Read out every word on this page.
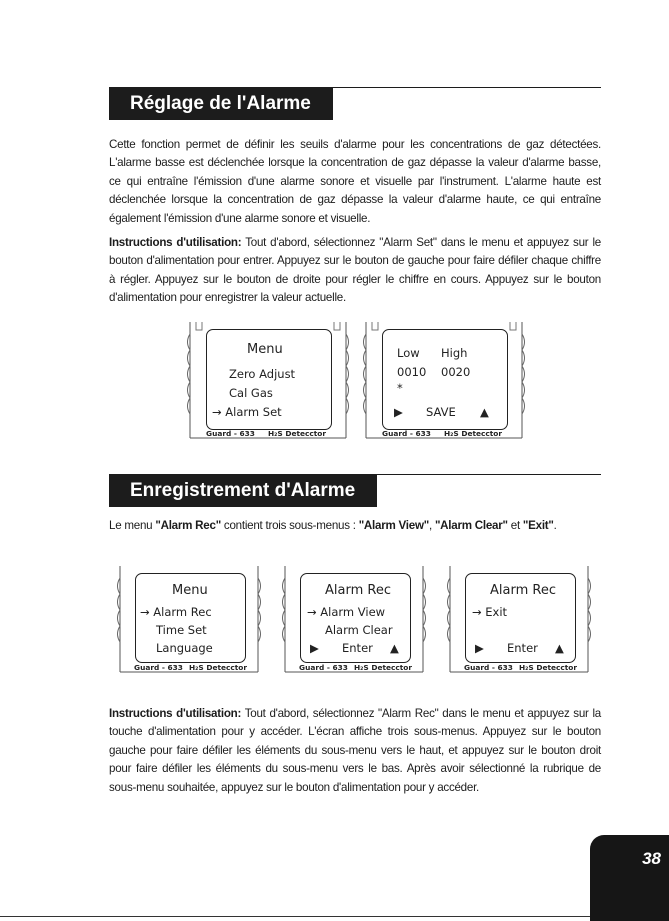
Réglage de l'Alarme

Cette fonction permet de définir les seuils d'alarme pour les concentrations de gaz détectées. L'alarme basse est déclenchée lorsque la concentration de gaz dépasse la valeur d'alarme basse, ce qui entraîne l'émission d'une alarme sonore et visuelle par l'instrument. L'alarme haute est déclenchée lorsque la concentration de gaz dépasse la valeur d'alarme haute, ce qui entraîne également l'émission d'une alarme sonore et visuelle.

Instructions d'utilisation: Tout d'abord, sélectionnez "Alarm Set" dans le menu et appuyez sur le bouton d'alimentation pour entrer. Appuyez sur le bouton de gauche pour faire défiler chaque chiffre à régler. Appuyez sur le bouton de droite pour régler le chiffre en cours. Appuyez sur le bouton d'alimentation pour enregistrer la valeur actuelle.

Menu
Zero Adjust
Cal Gas
→ Alarm Set
Guard - 633 H₂S Detecctor
Low High
0010 0020
*
▶ SAVE ▲
Guard - 633 H₂S Detecctor
Enregistrement d'Alarme

Le menu "Alarm Rec" contient trois sous-menus : "Alarm View", "Alarm Clear" et "Exit".

Menu
→ Alarm Rec
Time Set
Language
Guard - 633 H₂S Detecctor
Alarm Rec
→ Alarm View
Alarm Clear
▶ Enter ▲
Guard - 633 H₂S Detecctor
Alarm Rec
→ Exit
▶ Enter ▲
Guard - 633 H₂S Detecctor

Instructions d'utilisation: Tout d'abord, sélectionnez "Alarm Rec" dans le menu et appuyez sur la touche d'alimentation pour y accéder. L'écran affiche trois sous-menus. Appuyez sur le bouton gauche pour faire défiler les éléments du sous-menu vers le haut, et appuyez sur le bouton droit pour faire défiler les éléments du sous-menu vers le bas. Après avoir sélectionné la rubrique de sous-menu souhaitée, appuyez sur le bouton d'alimentation pour y accéder.

38
